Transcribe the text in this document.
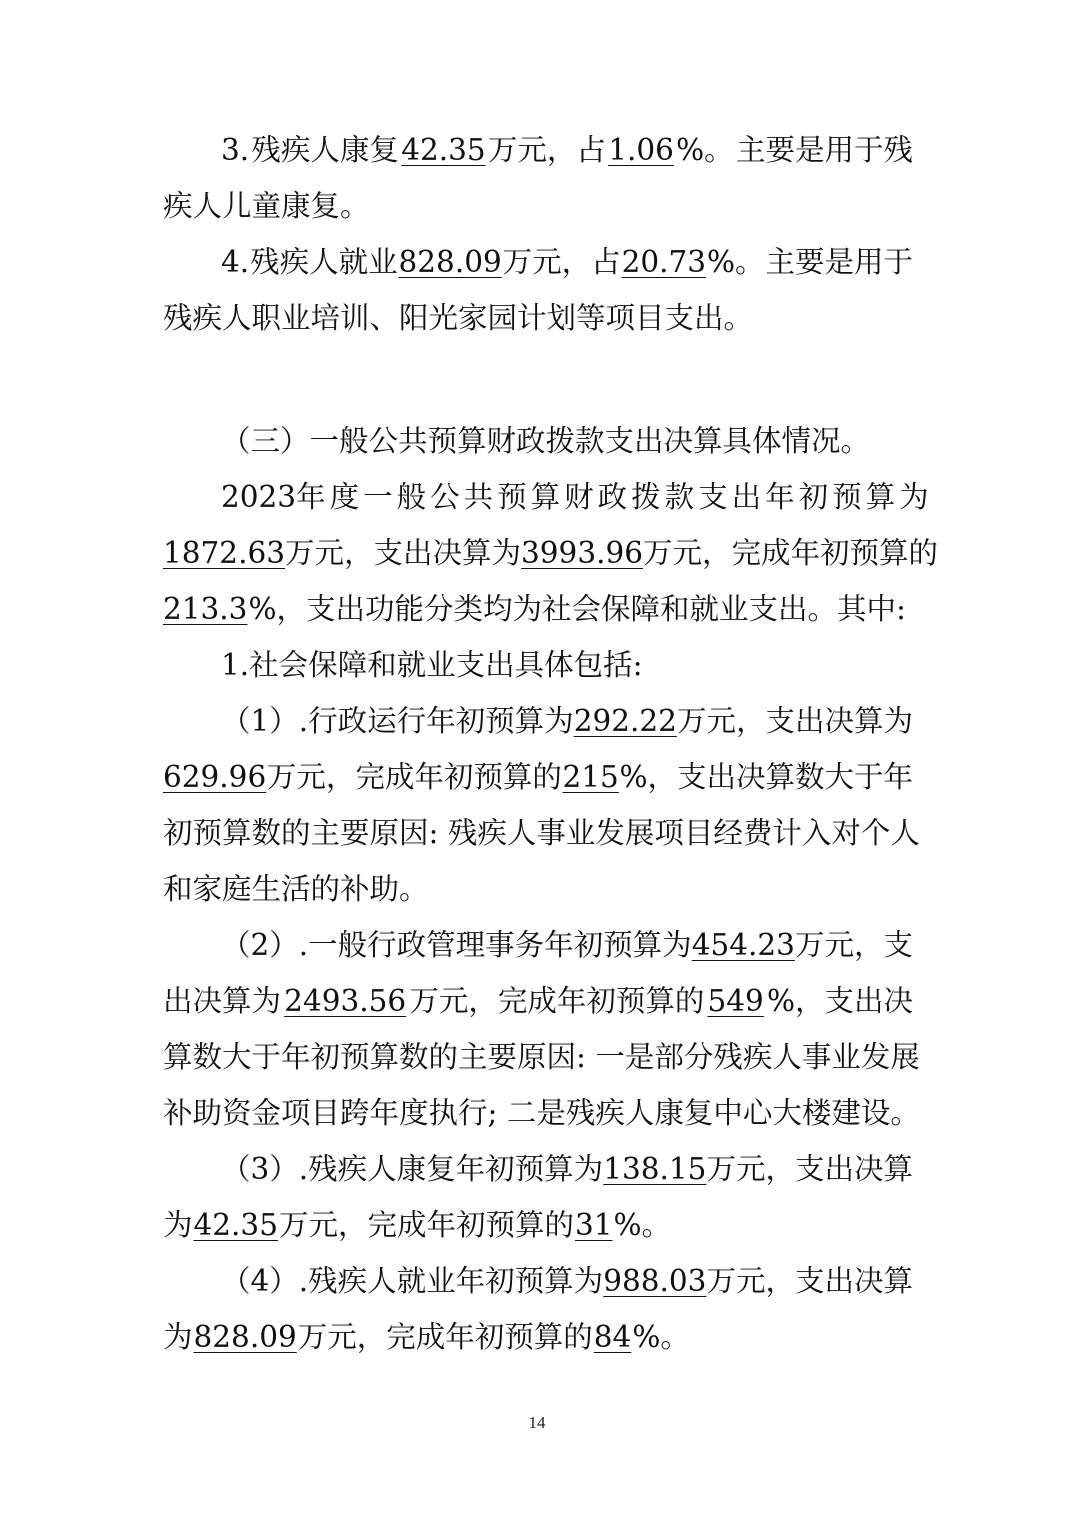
3. 残疾人康复 42.35 万元，占 1.06 %。 主要是用于残
疾人儿童康复。
4. 残疾人就业 828.09 万元，占 20.73 %。 主要是用于
残疾人职业培训、阳光家园计划等项目支出。
（三）一般公共预算财政拨款支出决算具体情况。
2023 年度一般公共预算财政拨款支出年初预算为
1872.63 万元，支出决算为 3993.96 万元，完成年初预算的
213.3 %，支出功能分类均为社会保障和就业支出。其中:
1.社会保障和就业支出具体包括:
（1）. 行政运行年初预算为 292.22 万元，支出决算为
629.96 万元，完成年初预算的 215 %，支出决算数大于年
初预算数的主要原因: 残疾人事业发展项目经费计入对个人
和家庭生活的补助。
（2）. 一般行政管理事务年初预算为 454.23 万元，支
出决算为 2493.56 万元，完成年初预算的 549 %，支出决
算数大于年初预算数的主要原因: 一是部分残疾人事业发展
补助资金项目跨年度执行; 二是残疾人康复中心大楼建设。
（3）. 残疾人康复年初预算为 138.15 万元，支出决算
为 42.35 万元，完成年初预算的 31 %。
（4）. 残疾人就业年初预算为 988.03 万元，支出决算
为 828.09 万元，完成年初预算的 84 %。
14
